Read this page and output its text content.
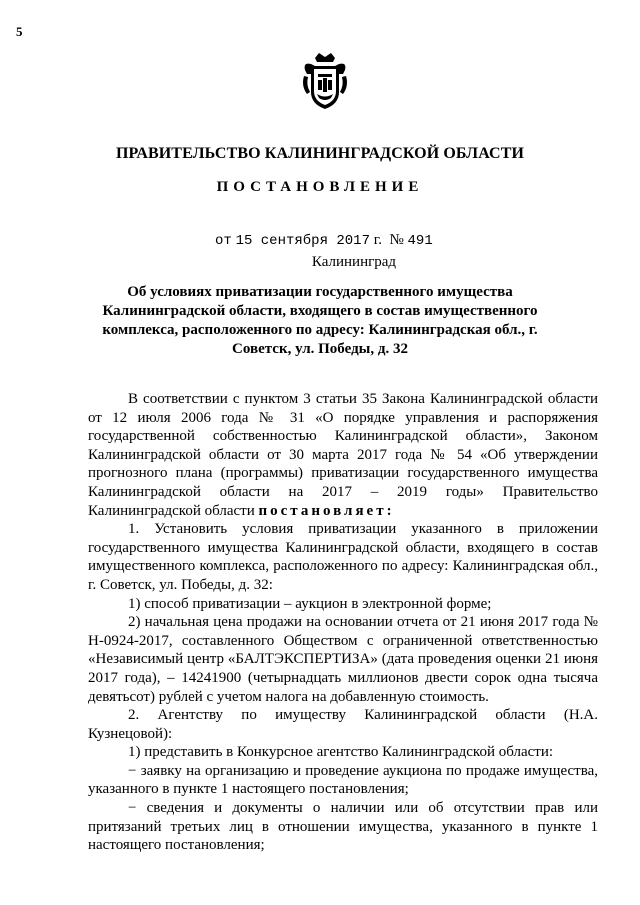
5
ПРАВИТЕЛЬСТВО КАЛИНИНГРАДСКОЙ ОБЛАСТИ
ПОСТАНОВЛЕНИЕ
от 15 сентября 2017 г. № 491
Калининград
Об условиях приватизации государственного имущества Калининградской области, входящего в состав имущественного комплекса, расположенного по адресу: Калининградская обл., г. Советск, ул. Победы, д. 32

В соответствии с пунктом 3 статьи 35 Закона Калининградской области от 12 июля 2006 года № 31 «О порядке управления и распоряжения государственной собственностью Калининградской области», Законом Калининградской области от 30 марта 2017 года № 54 «Об утверждении прогнозного плана (программы) приватизации государственного имущества Калининградской области на 2017 – 2019 годы» Правительство Калининградской области постановляет:

1. Установить условия приватизации указанного в приложении государственного имущества Калининградской области, входящего в состав имущественного комплекса, расположенного по адресу: Калининградская обл., г. Советск, ул. Победы, д. 32:

1) способ приватизации – аукцион в электронной форме;

2) начальная цена продажи на основании отчета от 21 июня 2017 года № Н-0924-2017, составленного Обществом с ограниченной ответственностью «Независимый центр «БАЛТЭКСПЕРТИЗА» (дата проведения оценки 21 июня 2017 года), – 14241900 (четырнадцать миллионов двести сорок одна тысяча девятьсот) рублей с учетом налога на добавленную стоимость.

2. Агентству по имуществу Калининградской области (Н.А. Кузнецовой):

1) представить в Конкурсное агентство Калининградской области:

− заявку на организацию и проведение аукциона по продаже имущества, указанного в пункте 1 настоящего постановления;

− сведения и документы о наличии или об отсутствии прав или притязаний третьих лиц в отношении имущества, указанного в пункте 1 настоящего постановления;
